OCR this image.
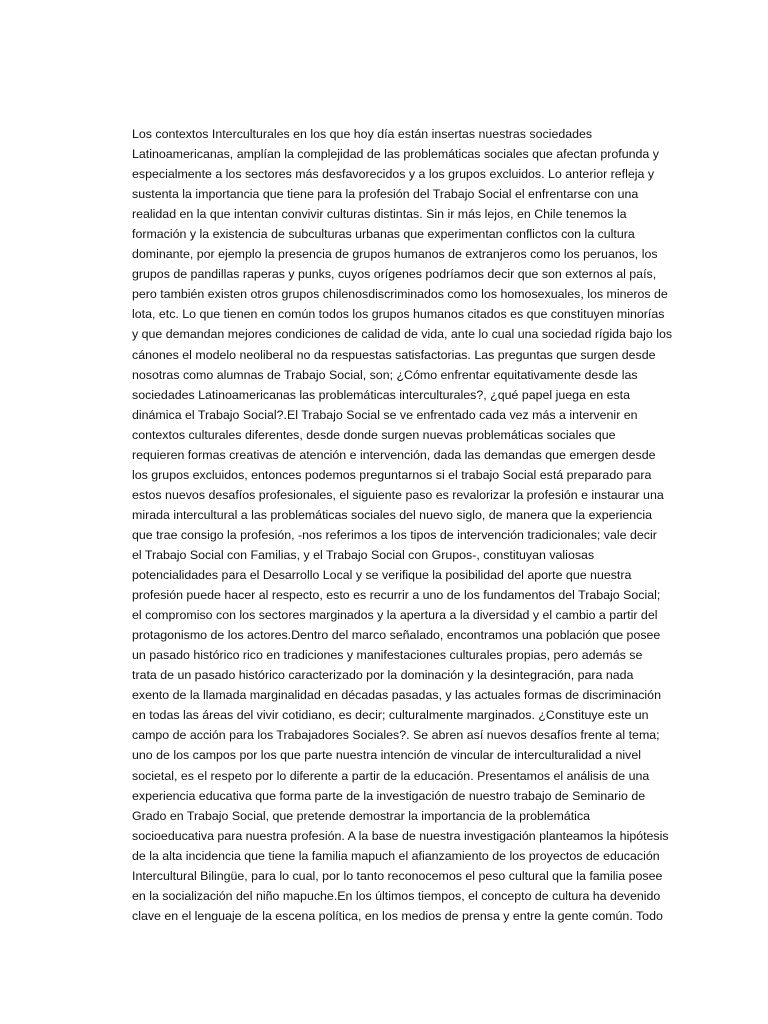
Los contextos Interculturales en los que hoy día están insertas nuestras sociedades
Latinoamericanas, amplían la complejidad de las problemáticas sociales que afectan profunda y
especialmente a los sectores más desfavorecidos y a los grupos excluidos. Lo anterior refleja y
sustenta la importancia que tiene para la profesión del Trabajo Social el enfrentarse con una
realidad en la que intentan convivir culturas distintas. Sin ir más lejos, en Chile tenemos la
formación y la existencia de subculturas urbanas que experimentan conflictos con la cultura
dominante, por ejemplo la presencia de grupos humanos de extranjeros como los peruanos, los
grupos de pandillas raperas y punks, cuyos orígenes podríamos decir que son externos al país,
pero también existen otros grupos chilenosdiscriminados como los homosexuales, los mineros de
lota, etc. Lo que tienen en común todos los grupos humanos citados es que constituyen minorías
y que demandan mejores condiciones de calidad de vida, ante lo cual una sociedad rígida bajo los
cánones el modelo neoliberal no da respuestas satisfactorias. Las preguntas que surgen desde
nosotras como alumnas de Trabajo Social, son; ¿Cómo enfrentar equitativamente desde las
sociedades Latinoamericanas las problemáticas interculturales?, ¿qué papel juega en esta
dinámica el Trabajo Social?.El Trabajo Social se ve enfrentado cada vez más a intervenir en
contextos culturales diferentes, desde donde surgen nuevas problemáticas sociales que
requieren formas creativas de atención e intervención, dada las demandas que emergen desde
los grupos excluidos, entonces podemos preguntarnos si el trabajo Social está preparado para
estos nuevos desafíos profesionales, el siguiente paso es revalorizar la profesión e instaurar una
mirada intercultural a las problemáticas sociales del nuevo siglo, de manera que la experiencia
que trae consigo la profesión, -nos referimos a los tipos de intervención tradicionales; vale decir
el Trabajo Social con Familias, y el Trabajo Social con Grupos-, constituyan valiosas
potencialidades para el Desarrollo Local y se verifique la posibilidad del aporte que nuestra
profesión puede hacer al respecto, esto es recurrir a uno de los fundamentos del Trabajo Social;
el compromiso con los sectores marginados y la apertura a la diversidad y el cambio a partir del
protagonismo de los actores.Dentro del marco señalado, encontramos una población que posee
un pasado histórico rico en tradiciones y manifestaciones culturales propias, pero además se
trata de un pasado histórico caracterizado por la dominación y la desintegración, para nada
exento de la llamada marginalidad en décadas pasadas, y las actuales formas de discriminación
en todas las áreas del vivir cotidiano, es decir; culturalmente marginados. ¿Constituye este un
campo de acción para los Trabajadores Sociales?. Se abren así nuevos desafíos frente al tema;
uno de los campos por los que parte nuestra intención de vincular de interculturalidad a nivel
societal, es el respeto por lo diferente a partir de la educación. Presentamos el análisis de una
experiencia educativa que forma parte de la investigación de nuestro trabajo de Seminario de
Grado en Trabajo Social, que pretende demostrar la importancia de la problemática
socioeducativa para nuestra profesión. A la base de nuestra investigación planteamos la hipótesis
de la alta incidencia que tiene la familia mapuch el afianzamiento de los proyectos de educación
Intercultural Bilingüe, para lo cual, por lo tanto reconocemos el peso cultural que la familia posee
en la socialización del niño mapuche.En los últimos tiempos, el concepto de cultura ha devenido
clave en el lenguaje de la escena política, en los medios de prensa y entre la gente común. Todo
